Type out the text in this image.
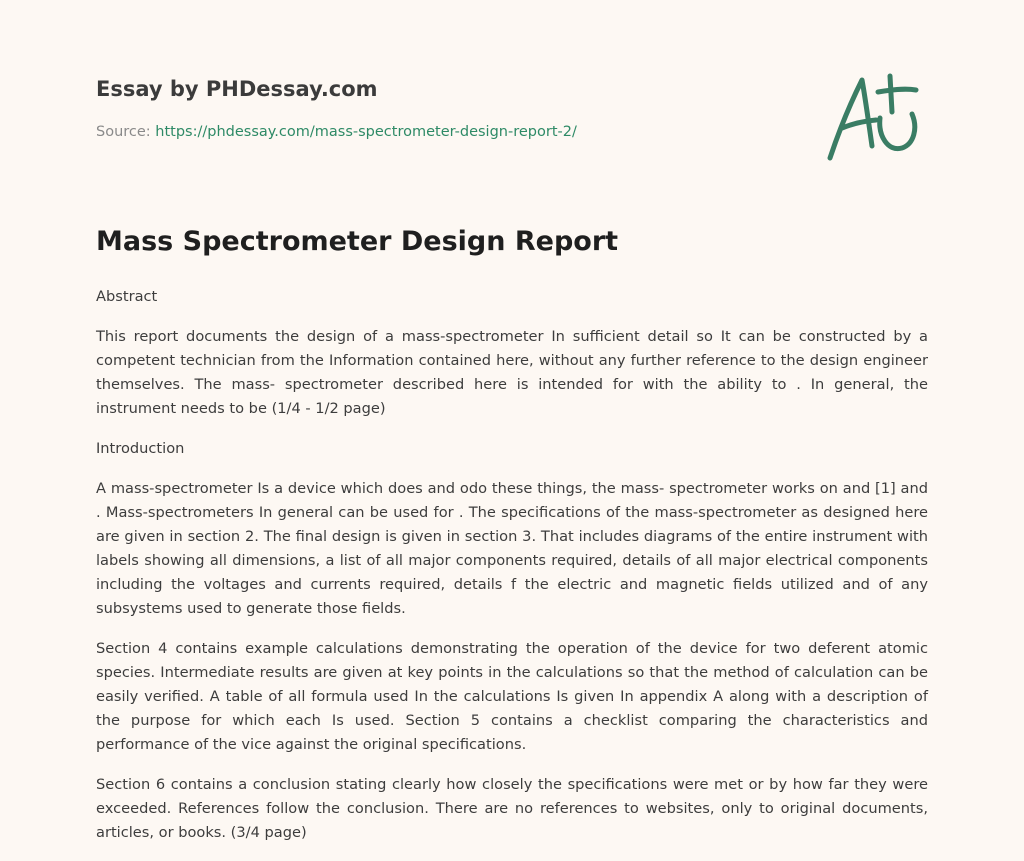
Essay by PHDessay.com
Source: https://phdessay.com/mass-spectrometer-design-report-2/
Mass Spectrometer Design Report

Abstract

This report documents the design of a mass-spectrometer In sufficient detail so It can be constructed by a competent technician from the Information contained here, without any further reference to the design engineer themselves. The mass- spectrometer described here is intended for with the ability to . In general, the instrument needs to be (1/4 - 1/2 page)

Introduction

A mass-spectrometer Is a device which does and odo these things, the mass- spectrometer works on and [1] and . Mass-spectrometers In general can be used for . The specifications of the mass-spectrometer as designed here are given in section 2. The final design is given in section 3. That includes diagrams of the entire instrument with labels showing all dimensions, a list of all major components required, details of all major electrical components including the voltages and currents required, details f the electric and magnetic fields utilized and of any subsystems used to generate those fields.

Section 4 contains example calculations demonstrating the operation of the device for two deferent atomic species. Intermediate results are given at key points in the calculations so that the method of calculation can be easily verified. A table of all formula used In the calculations Is given In appendix A along with a description of the purpose for which each Is used. Section 5 contains a checklist comparing the characteristics and performance of the vice against the original specifications.

Section 6 contains a conclusion stating clearly how closely the specifications were met or by how far they were exceeded. References follow the conclusion. There are no references to websites, only to original documents, articles, or books. (3/4 page)
